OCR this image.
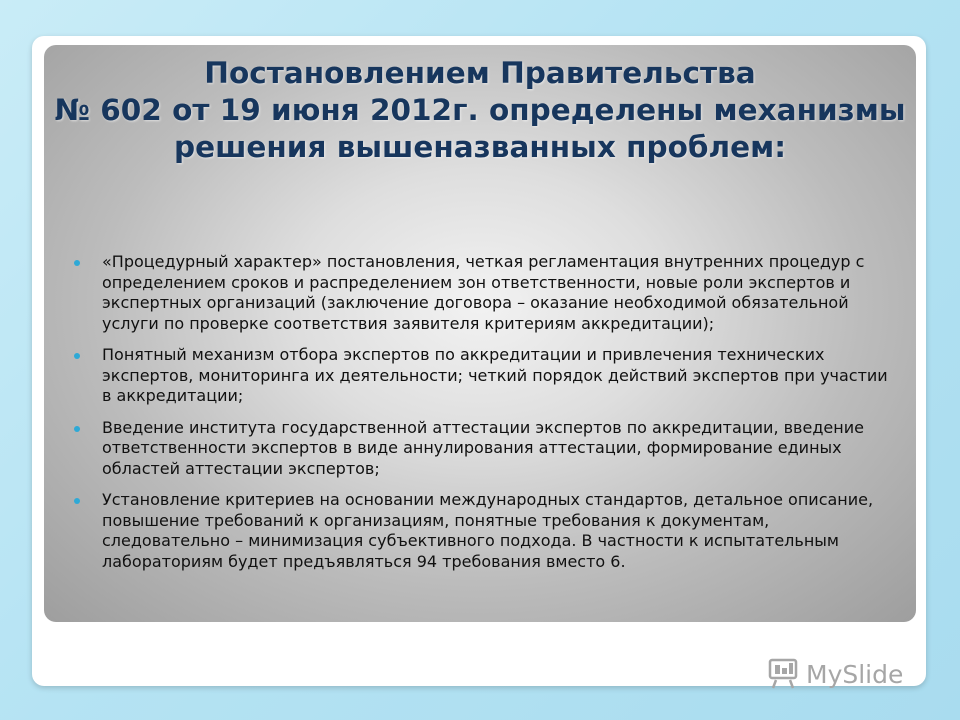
Постановлением Правительства
№ 602 от 19 июня 2012г. определены механизмы решения вышеназванных проблем:
«Процедурный характер» постановления, четкая регламентация внутренних процедур с определением сроков и распределением зон ответственности, новые роли экспертов и экспертных организаций (заключение договора – оказание необходимой обязательной услуги по проверке соответствия заявителя критериям аккредитации);
Понятный механизм отбора экспертов по аккредитации и привлечения технических экспертов, мониторинга их деятельности; четкий порядок действий экспертов при участии в аккредитации;
Введение института государственной аттестации экспертов по аккредитации, введение ответственности экспертов в виде аннулирования аттестации, формирование единых областей аттестации экспертов;
Установление критериев на основании международных стандартов, детальное описание, повышение требований к организациям, понятные требования к документам, следовательно – минимизация субъективного подхода. В частности к испытательным лабораториям будет предъявляться 94 требования вместо 6.
MySlide
